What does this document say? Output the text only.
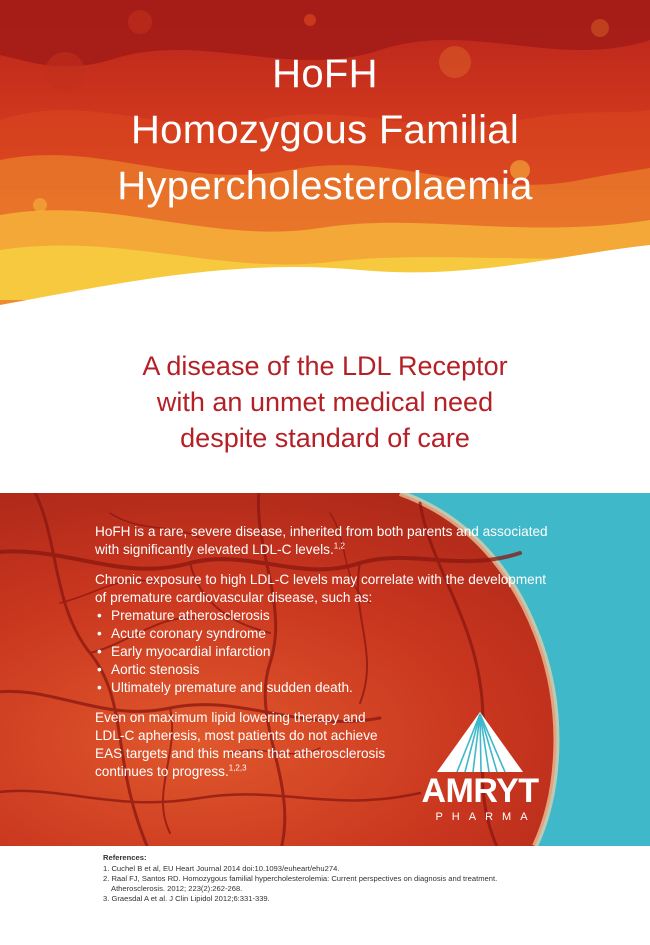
HoFH
Homozygous Familial
Hypercholesterolaemia
A disease of the LDL Receptor
with an unmet medical need
despite standard of care

HoFH is a rare, severe disease, inherited from both parents and associated with significantly elevated LDL-C levels.$^{1,2}$

Chronic exposure to high LDL-C levels may correlate with the development of premature cardiovascular disease, such as:

• Premature atherosclerosis
• Acute coronary syndrome
• Early myocardial infarction
• Aortic stenosis
• Ultimately premature and sudden death.

Even on maximum lipid lowering therapy and LDL-C apheresis, most patients do not achieve EAS targets and this means that atherosclerosis continues to progress.$^{1,2,3}$

AMRYT
PHARMA
References:
1. Cuchel B et al, EU Heart Journal 2014 doi:10.1093/euheart/ehu274.
2. Raal FJ, Santos RD. Homozygous familial hypercholesterolemia: Current perspectives on diagnosis and treatment.
Atherosclerosis. 2012; 223(2):262-268.
3. Graesdal A et al. J Clin Lipidol 2012;6:331-339.
